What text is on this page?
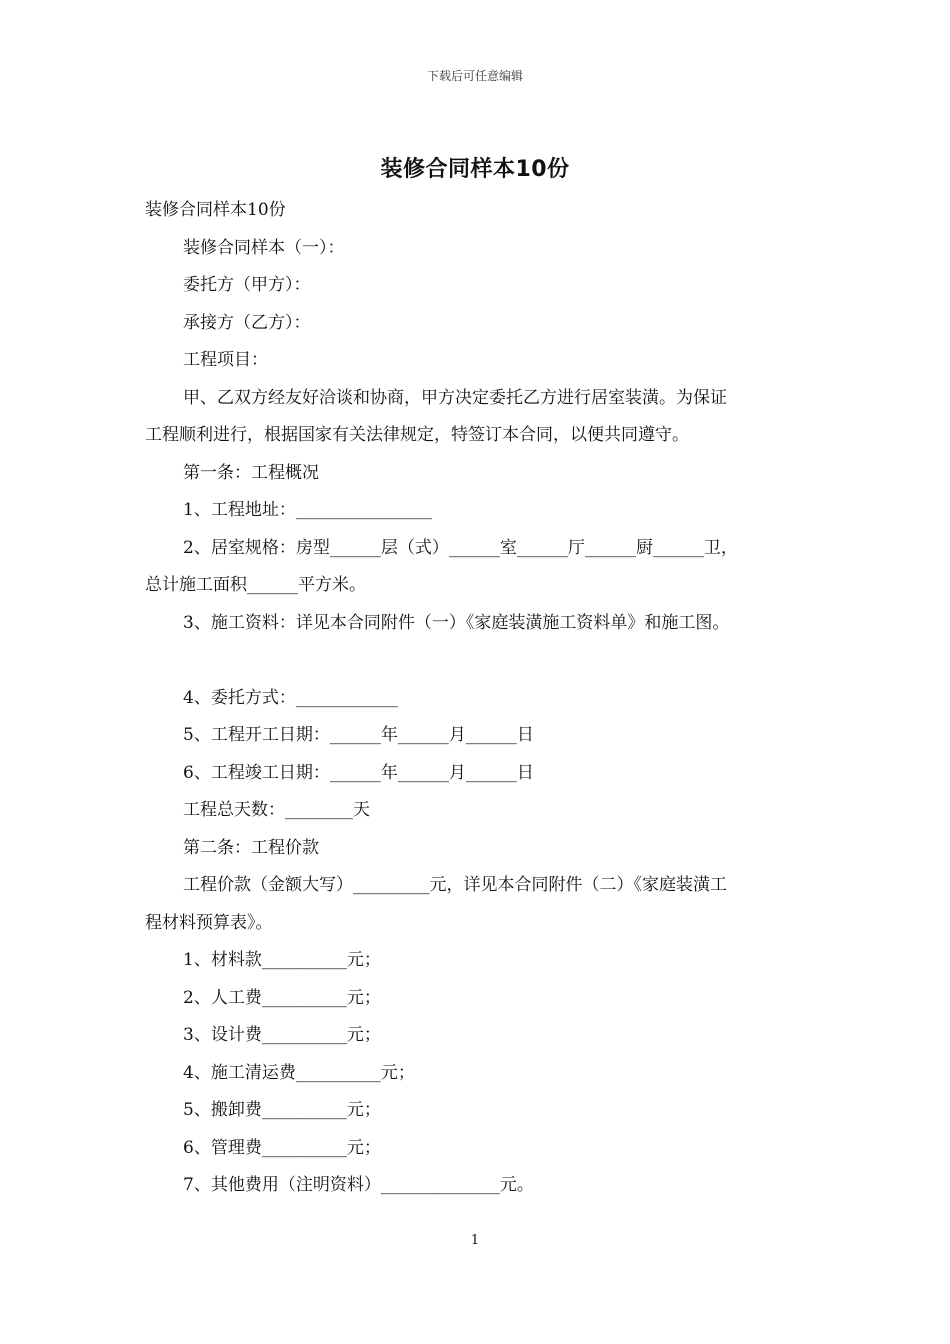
下载后可任意编辑
装修合同样本10份
装修合同样本10份
装修合同样本（一）：
委托方（甲方）：
承接方（乙方）：
工程项目：
甲、乙双方经友好洽谈和协商，甲方决定委托乙方进行居室装潢。为保证
工程顺利进行，根据国家有关法律规定，特签订本合同，以便共同遵守。
第一条：工程概况
1、工程地址：________________
2、居室规格：房型______层（式）______室______厅______厨______卫，
总计施工面积______平方米。
3、施工资料：详见本合同附件（一）《家庭装潢施工资料单》和施工图。
4、委托方式：____________
5、工程开工日期：______年______月______日
6、工程竣工日期：______年______月______日
工程总天数：________天
第二条：工程价款
工程价款（金额大写）_________元，详见本合同附件（二）《家庭装潢工
程材料预算表》。
1、材料款__________元；
2、人工费__________元；
3、设计费__________元；
4、施工清运费__________元；
5、搬卸费__________元；
6、管理费__________元；
7、其他费用（注明资料）______________元。
1
